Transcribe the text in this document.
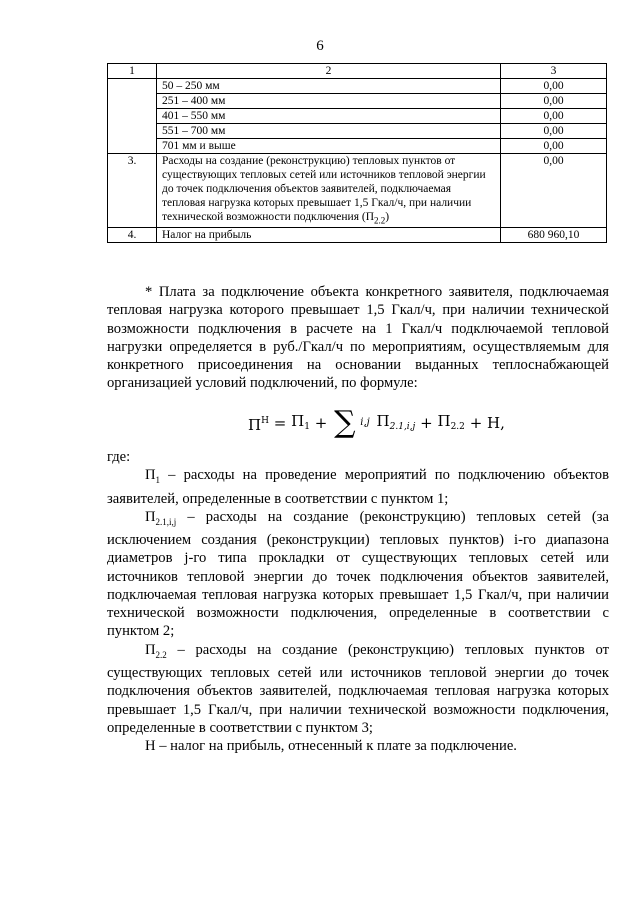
6
1	2	3
	50 – 250 мм	0,00
	251 – 400 мм	0,00
	401 – 550 мм	0,00
	551 – 700 мм	0,00
	701 мм и выше	0,00
3.	Расходы на создание (реконструкцию) тепловых пунктов от существующих тепловых сетей или источников тепловой энергии до точек подключения объектов заявителей, подключаемая тепловая нагрузка которых превышает 1,5 Гкал/ч, при наличии технической возможности подключения $(П_{2.2})$	0,00
4.	Налог на прибыль	680 960,10

* Плата за подключение объекта конкретного заявителя, подключаемая тепловая нагрузка которого превышает 1,5 Гкал/ч, при наличии технической возможности подключения в расчете на 1 Гкал/ч подключаемой тепловой нагрузки определяется в руб./Гкал/ч по мероприятиям, осуществляемым для конкретного присоединения на основании выданных теплоснабжающей организацией условий подключений, по формуле:

$П^Н = П_1$ + ∑ i,j $П_{2.1,i,j} + П_{2.2} + Н$,

где:

$П_1$ – расходы на проведение мероприятий по подключению объектов заявителей, определенные в соответствии с пунктом 1;

$П_{2.1,i,j}$ – расходы на создание (реконструкцию) тепловых сетей (за исключением создания (реконструкции) тепловых пунктов) i-го диапазона диаметров j-го типа прокладки от существующих тепловых сетей или источников тепловой энергии до точек подключения объектов заявителей, подключаемая тепловая нагрузка которых превышает 1,5 Гкал/ч, при наличии технической возможности подключения, определенные в соответствии с пунктом 2;

$П_{2.2}$ – расходы на создание (реконструкцию) тепловых пунктов от существующих тепловых сетей или источников тепловой энергии до точек подключения объектов заявителей, подключаемая тепловая нагрузка которых превышает 1,5 Гкал/ч, при наличии технической возможности подключения, определенные в соответствии с пунктом 3;

Н – налог на прибыль, отнесенный к плате за подключение.
